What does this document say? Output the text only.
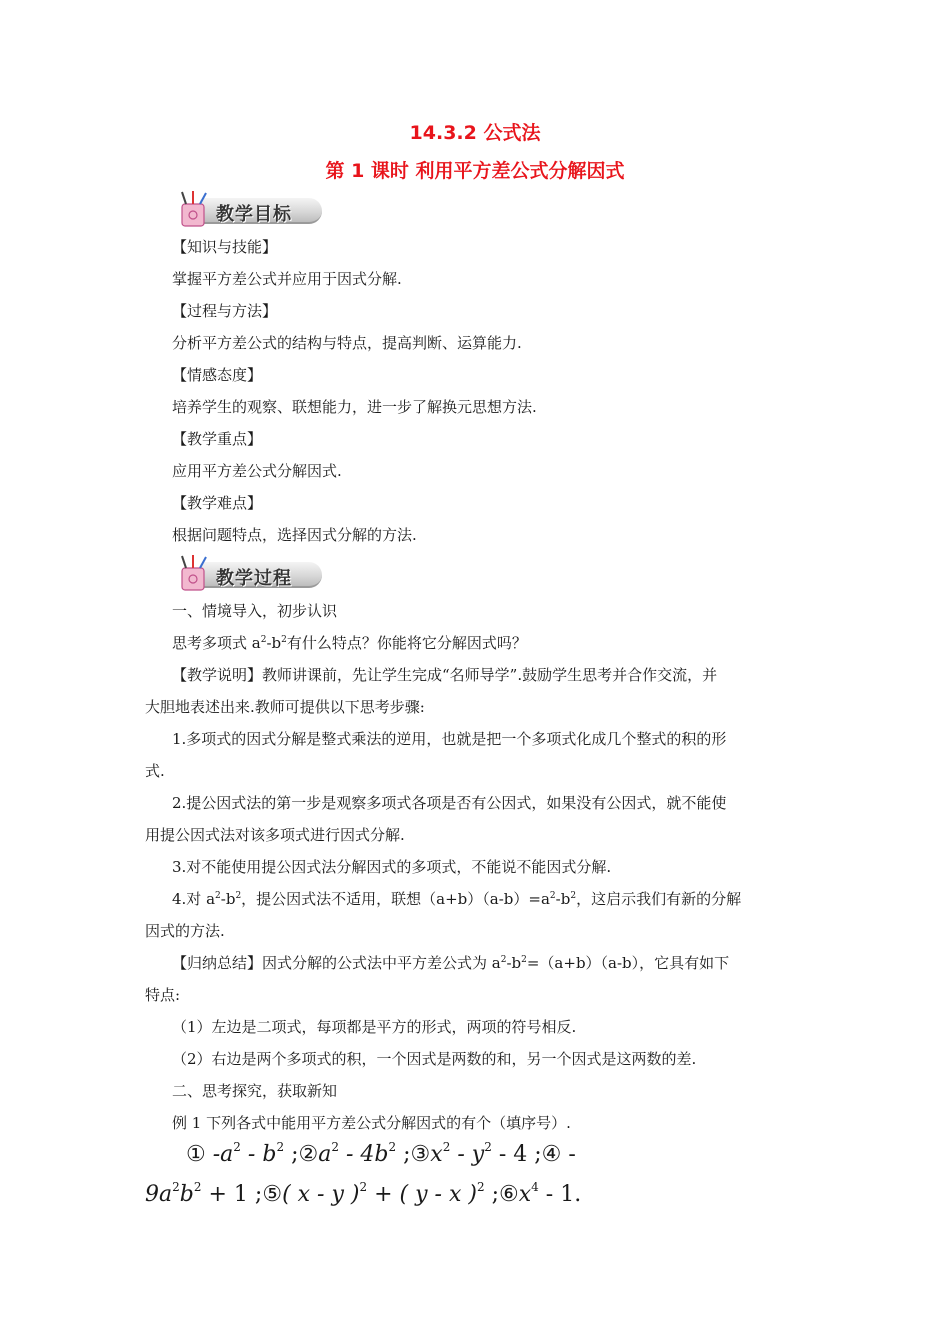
14.3.2 公式法
第 1 课时 利用平方差公式分解因式
教学目标
【知识与技能】
掌握平方差公式并应用于因式分解.
【过程与方法】
分析平方差公式的结构与特点，提高判断、运算能力.
【情感态度】
培养学生的观察、联想能力，进一步了解换元思想方法.
【教学重点】
应用平方差公式分解因式.
【教学难点】
根据问题特点，选择因式分解的方法.
教学过程
一、情境导入，初步认识
思考多项式 $a^2-b^2$有什么特点？你能将它分解因式吗？
【教学说明】教师讲课前，先让学生完成“名师导学”.鼓励学生思考并合作交流，并
大胆地表述出来.教师可提供以下思考步骤:
1.多项式的因式分解是整式乘法的逆用，也就是把一个多项式化成几个整式的积的形
式.
2.提公因式法的第一步是观察多项式各项是否有公因式，如果没有公因式，就不能使
用提公因式法对该多项式进行因式分解.
3.对不能使用提公因式法分解因式的多项式，不能说不能因式分解.
4.对 $a^2-b^2$，提公因式法不适用，联想$(a+b)(a-b)=a^2-b^2$，这启示我们有新的分解
因式的方法.
【归纳总结】因式分解的公式法中平方差公式为 $a^2-b^2=(a+b)(a-b)$，它具有如下
特点:
（1）左边是二项式，每项都是平方的形式，两项的符号相反.
（2）右边是两个多项式的积，一个因式是两数的和，另一个因式是这两数的差.
二、思考探究，获取新知
例 1 下列各式中能用平方差公式分解因式的有个（填序号）.
① $-a^2 - b^2$ $;②a^2 - 4b^2$ $;③x^2 - y^2 - 4$ ;④ -
$9a^2b^2 + 1$ ;⑤( x - y )$^2$ + ( y - x )$^2$ $;⑥x^4 - 1$.
